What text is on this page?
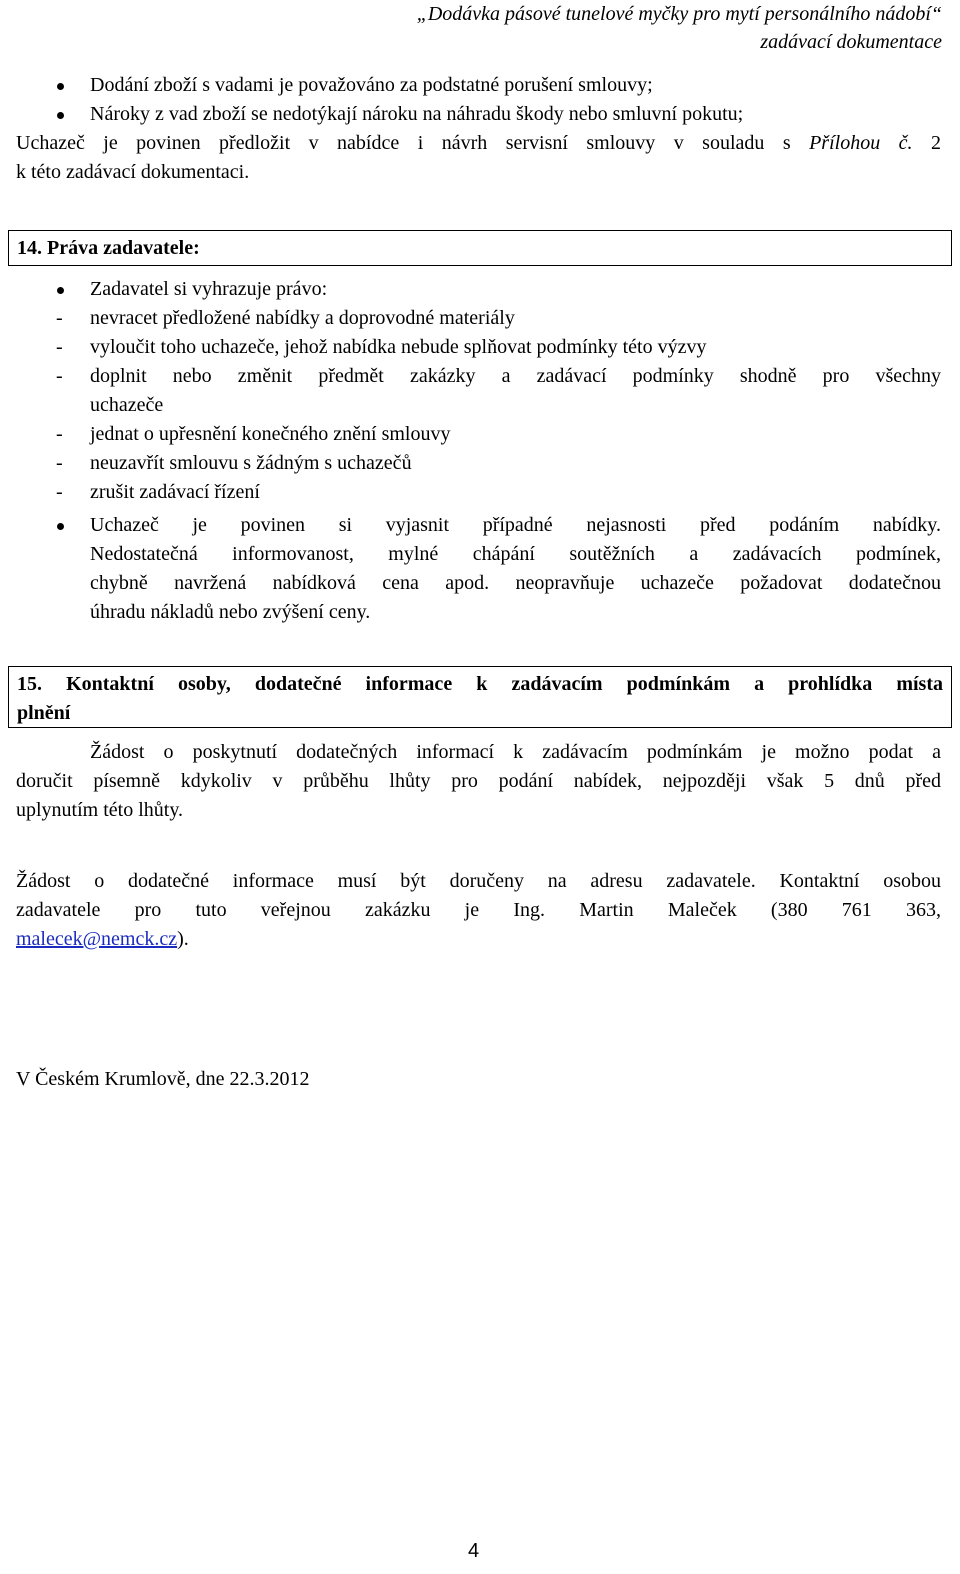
„Dodávka pásové tunelové myčky pro mytí personálního nádobí“
zadávací dokumentace
Dodání zboží s vadami je považováno za podstatné porušení smlouvy;
Nároky z vad zboží se nedotýkají nároku na náhradu škody nebo smluvní pokutu;
Uchazeč je povinen předložit v nabídce i návrh servisní smlouvy v souladu s Přílohou č. 2
k této zadávací dokumentaci.
14. Práva zadavatele:
Zadavatel si vyhrazuje právo:
- nevracet předložené nabídky a doprovodné materiály
- vyloučit toho uchazeče, jehož nabídka nebude splňovat podmínky této výzvy
- doplnit nebo změnit předmět zakázky a zadávací podmínky shodně pro všechny
uchazeče
- jednat o upřesnění konečného znění smlouvy
- neuzavřít smlouvu s žádným s uchazečů
- zrušit zadávací řízení
Uchazeč je povinen si vyjasnit případné nejasnosti před podáním nabídky.
Nedostatečná informovanost, mylné chápání soutěžních a zadávacích podmínek,
chybně navržená nabídková cena apod. neopravňuje uchazeče požadovat dodatečnou
úhradu nákladů nebo zvýšení ceny.
15. Kontaktní osoby, dodatečné informace k zadávacím podmínkám a prohlídka místa
plnění
Žádost o poskytnutí dodatečných informací k zadávacím podmínkám je možno podat a
doručit písemně kdykoliv v průběhu lhůty pro podání nabídek, nejpozději však 5 dnů před
uplynutím této lhůty.
Žádost o dodatečné informace musí být doručeny na adresu zadavatele. Kontaktní osobou
zadavatele pro tuto veřejnou zakázku je Ing. Martin Maleček (380 761 363,
malecek@nemck.cz).
V Českém Krumlově, dne 22.3.2012
4
